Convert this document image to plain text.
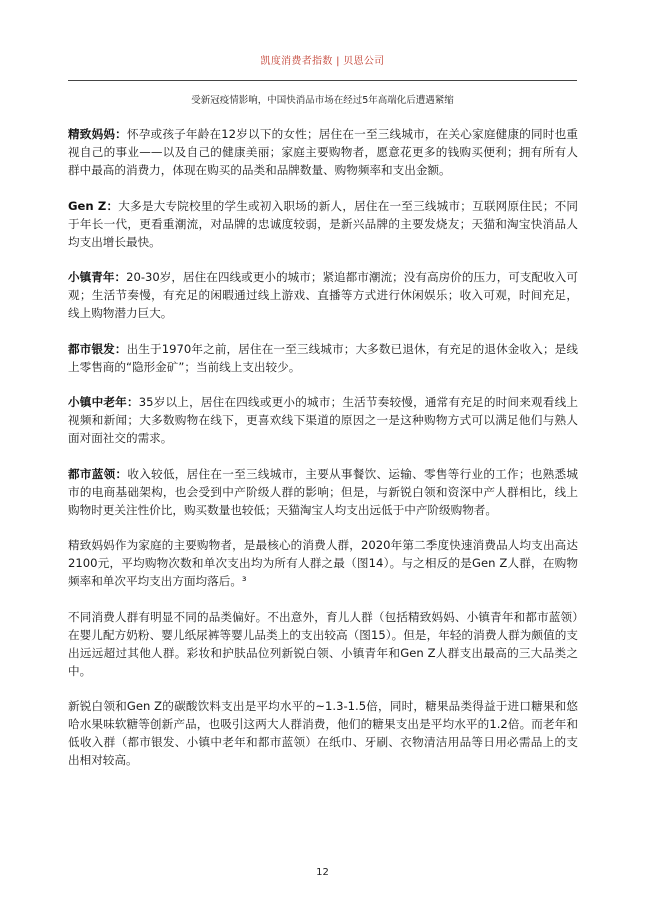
凯度消费者指数 | 贝恩公司
受新冠疫情影响，中国快消品市场在经过5年高端化后遭遇紧缩

精致妈妈：怀孕或孩子年龄在12岁以下的女性；居住在一至三线城市，在关心家庭健康的同时也重视自己的事业——以及自己的健康美丽；家庭主要购物者，愿意花更多的钱购买便利；拥有所有人群中最高的消费力，体现在购买的品类和品牌数量、购物频率和支出金额。

Gen Z：大多是大专院校里的学生或初入职场的新人，居住在一至三线城市；互联网原住民；不同于年长一代，更看重潮流，对品牌的忠诚度较弱，是新兴品牌的主要发烧友；天猫和淘宝快消品人均支出增长最快。

小镇青年：20-30岁，居住在四线或更小的城市；紧追都市潮流；没有高房价的压力，可支配收入可观；生活节奏慢，有充足的闲暇通过线上游戏、直播等方式进行休闲娱乐；收入可观，时间充足，线上购物潜力巨大。

都市银发：出生于1970年之前，居住在一至三线城市；大多数已退休，有充足的退休金收入；是线上零售商的“隐形金矿”；当前线上支出较少。

小镇中老年：35岁以上，居住在四线或更小的城市；生活节奏较慢，通常有充足的时间来观看线上视频和新闻；大多数购物在线下，更喜欢线下渠道的原因之一是这种购物方式可以满足他们与熟人面对面社交的需求。

都市蓝领：收入较低，居住在一至三线城市，主要从事餐饮、运输、零售等行业的工作；也熟悉城市的电商基础架构，也会受到中产阶级人群的影响；但是，与新锐白领和资深中产人群相比，线上购物时更关注性价比，购买数量也较低；天猫淘宝人均支出远低于中产阶级购物者。

精致妈妈作为家庭的主要购物者，是最核心的消费人群，2020年第二季度快速消费品人均支出高达2100元，平均购物次数和单次支出均为所有人群之最（图14）。与之相反的是Gen Z人群，在购物频率和单次平均支出方面均落后。³

不同消费人群有明显不同的品类偏好。不出意外，育儿人群（包括精致妈妈、小镇青年和都市蓝领）在婴儿配方奶粉、婴儿纸尿裤等婴儿品类上的支出较高（图15）。但是，年轻的消费人群为颇值的支出远远超过其他人群。彩妆和护肤品位列新锐白领、小镇青年和Gen Z人群支出最高的三大品类之中。

新锐白领和Gen Z的碳酸饮料支出是平均水平的~1.3-1.5倍，同时，糖果品类得益于进口糖果和悠哈水果味软糖等创新产品，也吸引这两大人群消费，他们的糖果支出是平均水平的1.2倍。而老年和低收入群（都市银发、小镇中老年和都市蓝领）在纸巾、牙刷、衣物清洁用品等日用必需品上的支出相对较高。

12
